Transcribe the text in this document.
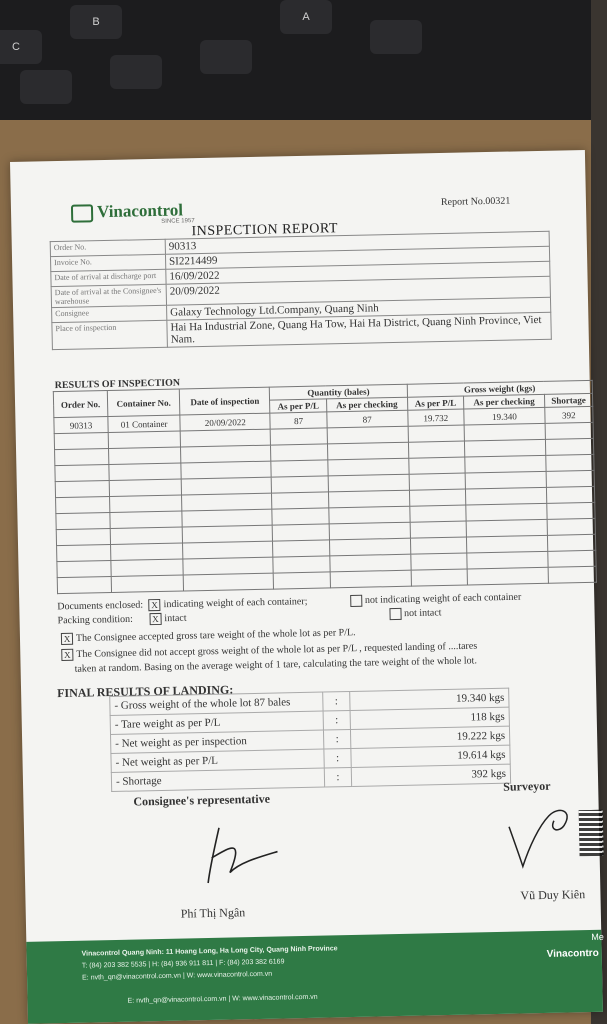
C
B	A
Vinacontrol
SINCE 1957
Report No.00321
INSPECTION REPORT
Order No.	90313
Invoice No.	SI2214499
Date of arrival at discharge port	16/09/2022
Date of arrival at the Consignee's warehouse	20/09/2022
Consignee	Galaxy Technology Ltd.Company, Quang Ninh
Place of inspection	Hai Ha Industrial Zone, Quang Ha Tow, Hai Ha District, Quang Ninh Province, Viet Nam.
RESULTS OF INSPECTION
Order No.	Container No.	Date of inspection	Quantity (bales)		Gross weight (kgs)		
			As per P/L	As per checking	As per P/L	As per checking	Shortage
90313	01 Container	20/09/2022	87	87	19.732	19.340	392

Documents enclosed: X indicating weight of each container;	not indicating weight of each container
Packing condition: X intact	not intact
X The Consignee accepted gross tare weight of the whole lot as per P/L.
X The Consignee did not accept gross weight of the whole lot as per P/L , requested landing of ....tares
taken at random. Basing on the average weight of 1 tare, calculating the tare weight of the whole lot.
FINAL RESULTS OF LANDING:
- Gross weight of the whole lot 87 bales	:	19.340 kgs
- Tare weight as per P/L	:	118 kgs
- Net weight as per inspection	:	19.222 kgs
- Net weight as per P/L	:	19.614 kgs
- Shortage	:	392 kgs
Consignee's representative
Surveyor
Phí Thị Ngân
Vũ Duy Kiên
Vinacontrol Quang Ninh: 11 Hoang Long, Ha Long City, Quang Ninh Province
T: (84) 203 382 5535 | H: (84) 936 911 811 | F: (84) 203 382 6169
E: nvth_qn@vinacontrol.com.vn | W: www.vinacontrol.com.vn
E: nvth_qn@vinacontrol.com.vn | W: www.vinacontrol.com.vn
Vinacontro
Me
